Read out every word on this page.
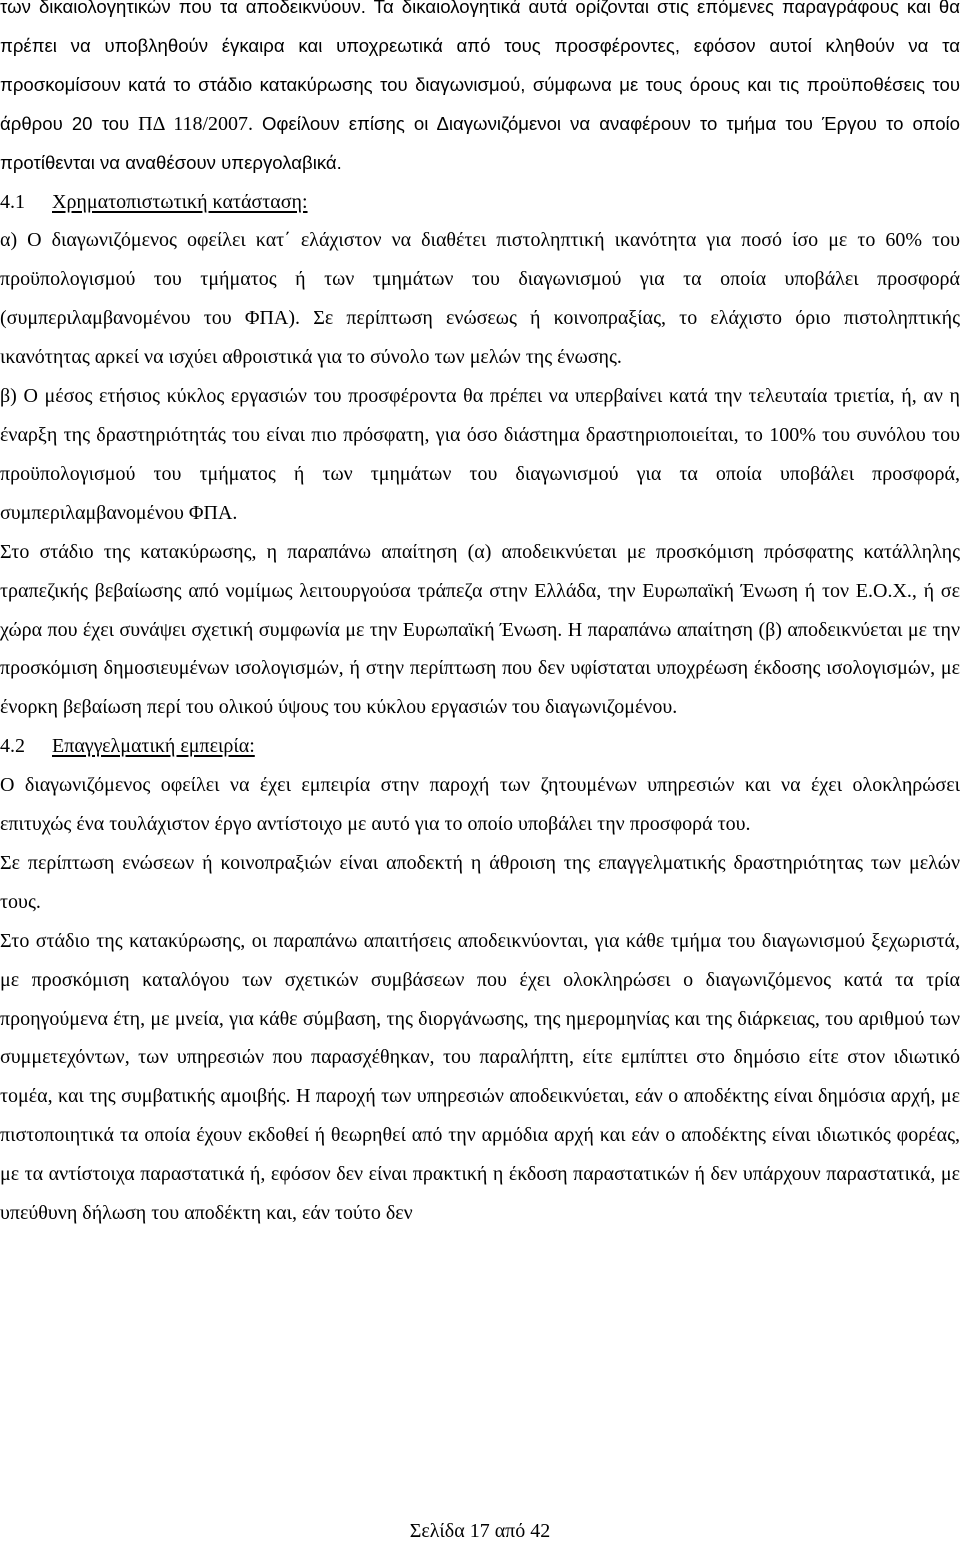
των δικαιολογητικών που τα αποδεικνύουν. Τα δικαιολογητικά αυτά ορίζονται στις επόμενες παραγράφους και θα πρέπει να υποβληθούν έγκαιρα και υποχρεωτικά από τους προσφέροντες, εφόσον αυτοί κληθούν να τα προσκομίσουν κατά το στάδιο κατακύρωσης του διαγωνισμού, σύμφωνα με τους όρους και τις προϋποθέσεις του άρθρου 20 του ΠΔ 118/2007. Οφείλουν επίσης οι Διαγωνιζόμενοι να αναφέρουν το τμήμα του Έργου το οποίο προτίθενται να αναθέσουν υπεργολαβικά.

4.1 Χρηματοπιστωτική κατάσταση:

α) Ο διαγωνιζόμενος οφείλει κατ΄ ελάχιστον να διαθέτει πιστοληπτική ικανότητα για ποσό ίσο με το 60% του προϋπολογισμού του τμήματος ή των τμημάτων του διαγωνισμού για τα οποία υποβάλει προσφορά (συμπεριλαμβανομένου του ΦΠΑ). Σε περίπτωση ενώσεως ή κοινοπραξίας, το ελάχιστο όριο πιστοληπτικής ικανότητας αρκεί να ισχύει αθροιστικά για το σύνολο των μελών της ένωσης.

β) Ο μέσος ετήσιος κύκλος εργασιών του προσφέροντα θα πρέπει να υπερβαίνει κατά την τελευταία τριετία, ή, αν η έναρξη της δραστηριότητάς του είναι πιο πρόσφατη, για όσο διάστημα δραστηριοποιείται, το 100% του συνόλου του προϋπολογισμού του τμήματος ή των τμημάτων του διαγωνισμού για τα οποία υποβάλει προσφορά, συμπεριλαμβανομένου ΦΠΑ.

Στο στάδιο της κατακύρωσης, η παραπάνω απαίτηση (α) αποδεικνύεται με προσκόμιση πρόσφατης κατάλληλης τραπεζικής βεβαίωσης από νομίμως λειτουργούσα τράπεζα στην Ελλάδα, την Ευρωπαϊκή Ένωση ή τον Ε.Ο.Χ., ή σε χώρα που έχει συνάψει σχετική συμφωνία με την Ευρωπαϊκή Ένωση. Η παραπάνω απαίτηση (β) αποδεικνύεται με την προσκόμιση δημοσιευμένων ισολογισμών, ή στην περίπτωση που δεν υφίσταται υποχρέωση έκδοσης ισολογισμών, με ένορκη βεβαίωση περί του ολικού ύψους του κύκλου εργασιών του διαγωνιζομένου.

4.2 Επαγγελματική εμπειρία:

Ο διαγωνιζόμενος οφείλει να έχει εμπειρία στην παροχή των ζητουμένων υπηρεσιών και να έχει ολοκληρώσει επιτυχώς ένα τουλάχιστον έργο αντίστοιχο με αυτό για το οποίο υποβάλει την προσφορά του.

Σε περίπτωση ενώσεων ή κοινοπραξιών είναι αποδεκτή η άθροιση της επαγγελματικής δραστηριότητας των μελών τους.

Στο στάδιο της κατακύρωσης, οι παραπάνω απαιτήσεις αποδεικνύονται, για κάθε τμήμα του διαγωνισμού ξεχωριστά, με προσκόμιση καταλόγου των σχετικών συμβάσεων που έχει ολοκληρώσει ο διαγωνιζόμενος κατά τα τρία προηγούμενα έτη, με μνεία, για κάθε σύμβαση, της διοργάνωσης, της ημερομηνίας και της διάρκειας, του αριθμού των συμμετεχόντων, των υπηρεσιών που παρασχέθηκαν, του παραλήπτη, είτε εμπίπτει στο δημόσιο είτε στον ιδιωτικό τομέα, και της συμβατικής αμοιβής. Η παροχή των υπηρεσιών αποδεικνύεται, εάν ο αποδέκτης είναι δημόσια αρχή, με πιστοποιητικά τα οποία έχουν εκδοθεί ή θεωρηθεί από την αρμόδια αρχή και εάν ο αποδέκτης είναι ιδιωτικός φορέας, με τα αντίστοιχα παραστατικά ή, εφόσον δεν είναι πρακτική η έκδοση παραστατικών ή δεν υπάρχουν παραστατικά, με υπεύθυνη δήλωση του αποδέκτη και, εάν τούτο δεν

Σελίδα 17 από 42
